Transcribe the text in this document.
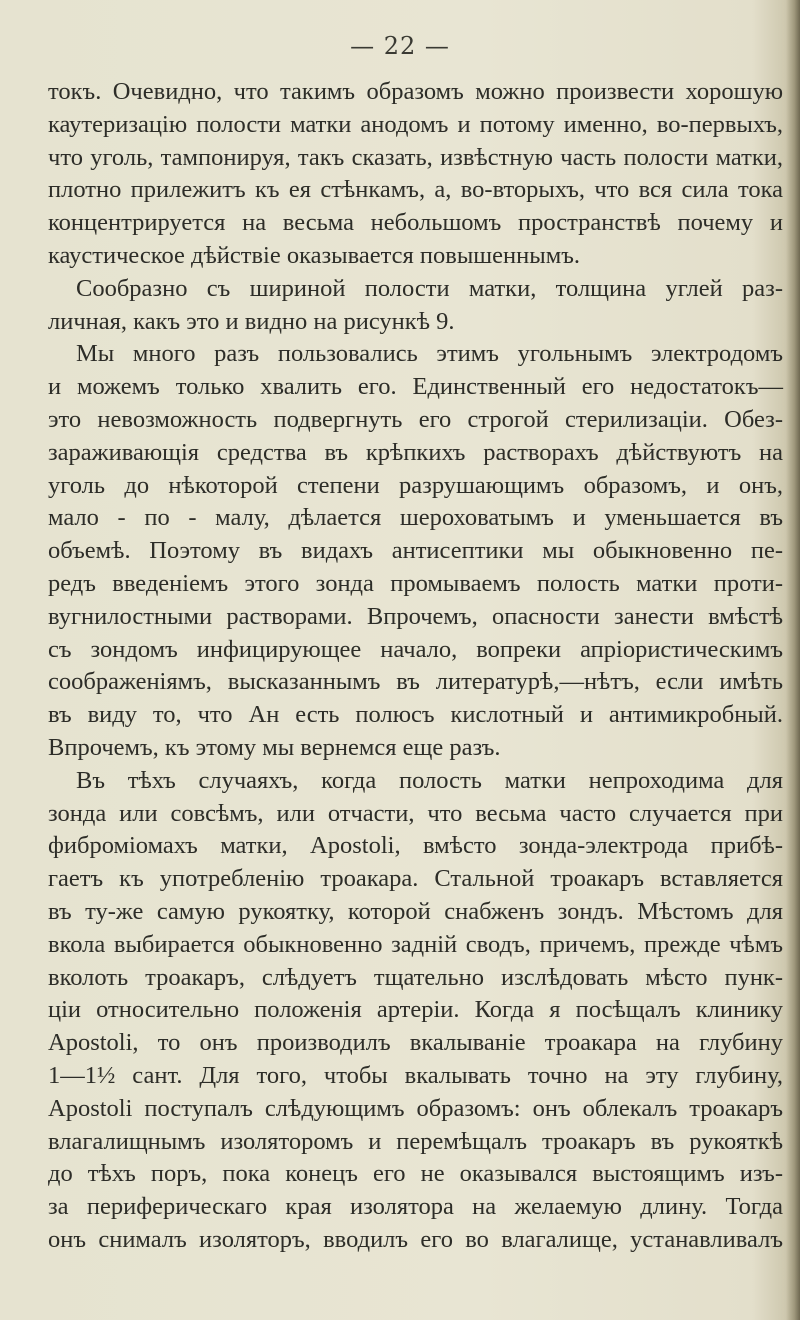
— 22 —
токъ. Очевидно, что такимъ образомъ можно произвести хорошую
каутеризацію полости матки анодомъ и потому именно, во-первыхъ,
что уголь, тампонируя, такъ сказать, извѣстную часть полости матки,
плотно прилежитъ къ ея стѣнкамъ, а, во-вторыхъ, что вся сила тока
концентрируется на весьма небольшомъ пространствѣ почему и
каустическое дѣйствіе оказывается повышеннымъ.
Сообразно съ шириной полости матки, толщина углей раз-
личная, какъ это и видно на рисункѣ 9.
Мы много разъ пользовались этимъ угольнымъ электродомъ
и можемъ только хвалить его. Единственный его недостатокъ—
это невозможность подвергнуть его строгой стерилизаціи. Обез-
зараживающія средства въ крѣпкихъ растворахъ дѣйствуютъ на
уголь до нѣкоторой степени разрушающимъ образомъ, и онъ,
мало - по - малу, дѣлается шероховатымъ и уменьшается въ
объемѣ. Поэтому въ видахъ антисептики мы обыкновенно пе-
редъ введеніемъ этого зонда промываемъ полость матки проти-
вугнилостными растворами. Впрочемъ, опасности занести вмѣстѣ
съ зондомъ инфицирующее начало, вопреки апріористическимъ
соображеніямъ, высказаннымъ въ литературѣ,—нѣтъ, если имѣть
въ виду то, что Ан есть полюсъ кислотный и антимикробный.
Впрочемъ, къ этому мы вернемся еще разъ.
Въ тѣхъ случаяхъ, когда полость матки непроходима для
зонда или совсѣмъ, или отчасти, что весьма часто случается при
фиброміомахъ матки, Apostoli, вмѣсто зонда-электрода прибѣ-
гаетъ къ употребленію троакара. Стальной троакаръ вставляется
въ ту-же самую рукоятку, которой снабженъ зондъ. Мѣстомъ для
вкола выбирается обыкновенно задній сводъ, причемъ, прежде чѣмъ
вколоть троакаръ, слѣдуетъ тщательно изслѣдовать мѣсто пунк-
ціи относительно положенія артеріи. Когда я посѣщалъ клинику
Apostoli, то онъ производилъ вкалываніе троакара на глубину
1—1½ сант. Для того, чтобы вкалывать точно на эту глубину,
Apostoli поступалъ слѣдующимъ образомъ: онъ облекалъ троакаръ
влагалищнымъ изоляторомъ и перемѣщалъ троакаръ въ рукояткѣ
до тѣхъ поръ, пока конецъ его не оказывался выстоящимъ изъ-
за периферическаго края изолятора на желаемую длину. Тогда
онъ снималъ изоляторъ, вводилъ его во влагалище, устанавливалъ
